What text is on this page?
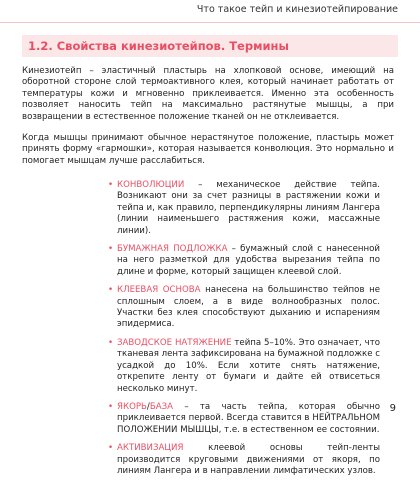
Что такое тейп и кинезиотейпирование
1.2. Свойства кинезиотейпов. Термины
Кинезиотейп – эластичный пластырь на хлопковой основе, имеющий на оборотной стороне слой термоактивного клея, который начинает работать от температуры кожи и мгновенно приклеивается. Именно эта особенность позволяет наносить тейп на максимально растянутые мышцы, а при возвращении в естественное положение тканей он не отклеивается.
Когда мышцы принимают обычное нерастянутое положение, пластырь может принять форму «гармошки», которая называется конволюция. Это нормально и помогает мышцам лучше расслабиться.
• КОНВОЛЮЦИИ – механическое действие тейпа. Возникают они за счет разницы в растяжении кожи и тейпа и, как правило, перпендикулярны линиям Лангера (линии наименьшего растяжения кожи, массажные линии).
• БУМАЖНАЯ ПОДЛОЖКА – бумажный слой с нанесенной на него разметкой для удобства вырезания тейпа по длине и форме, который защищен клеевой слой.
• КЛЕЕВАЯ ОСНОВА нанесена на большинство тейпов не сплошным слоем, а в виде волнообразных полос. Участки без клея способствуют дыханию и испарениям эпидермиса.
• ЗАВОДСКОЕ НАТЯЖЕНИЕ тейпа 5–10%. Это означает, что тканевая лента зафиксирована на бумажной подложке с усадкой до 10%. Если хотите снять натяжение, открепите ленту от бумаги и дайте ей отвисеться несколько минут.
• ЯКОРЬ/БАЗА – та часть тейпа, которая обычно приклеивается первой. Всегда ставится в НЕЙТРАЛЬНОМ ПОЛОЖЕНИИ МЫШЦЫ, т.е. в естественном ее состоянии.
• АКТИВИЗАЦИЯ клеевой основы тейп-ленты производится круговыми движениями от якоря, по линиям Лангера и в направлении лимфатических узлов.
9
